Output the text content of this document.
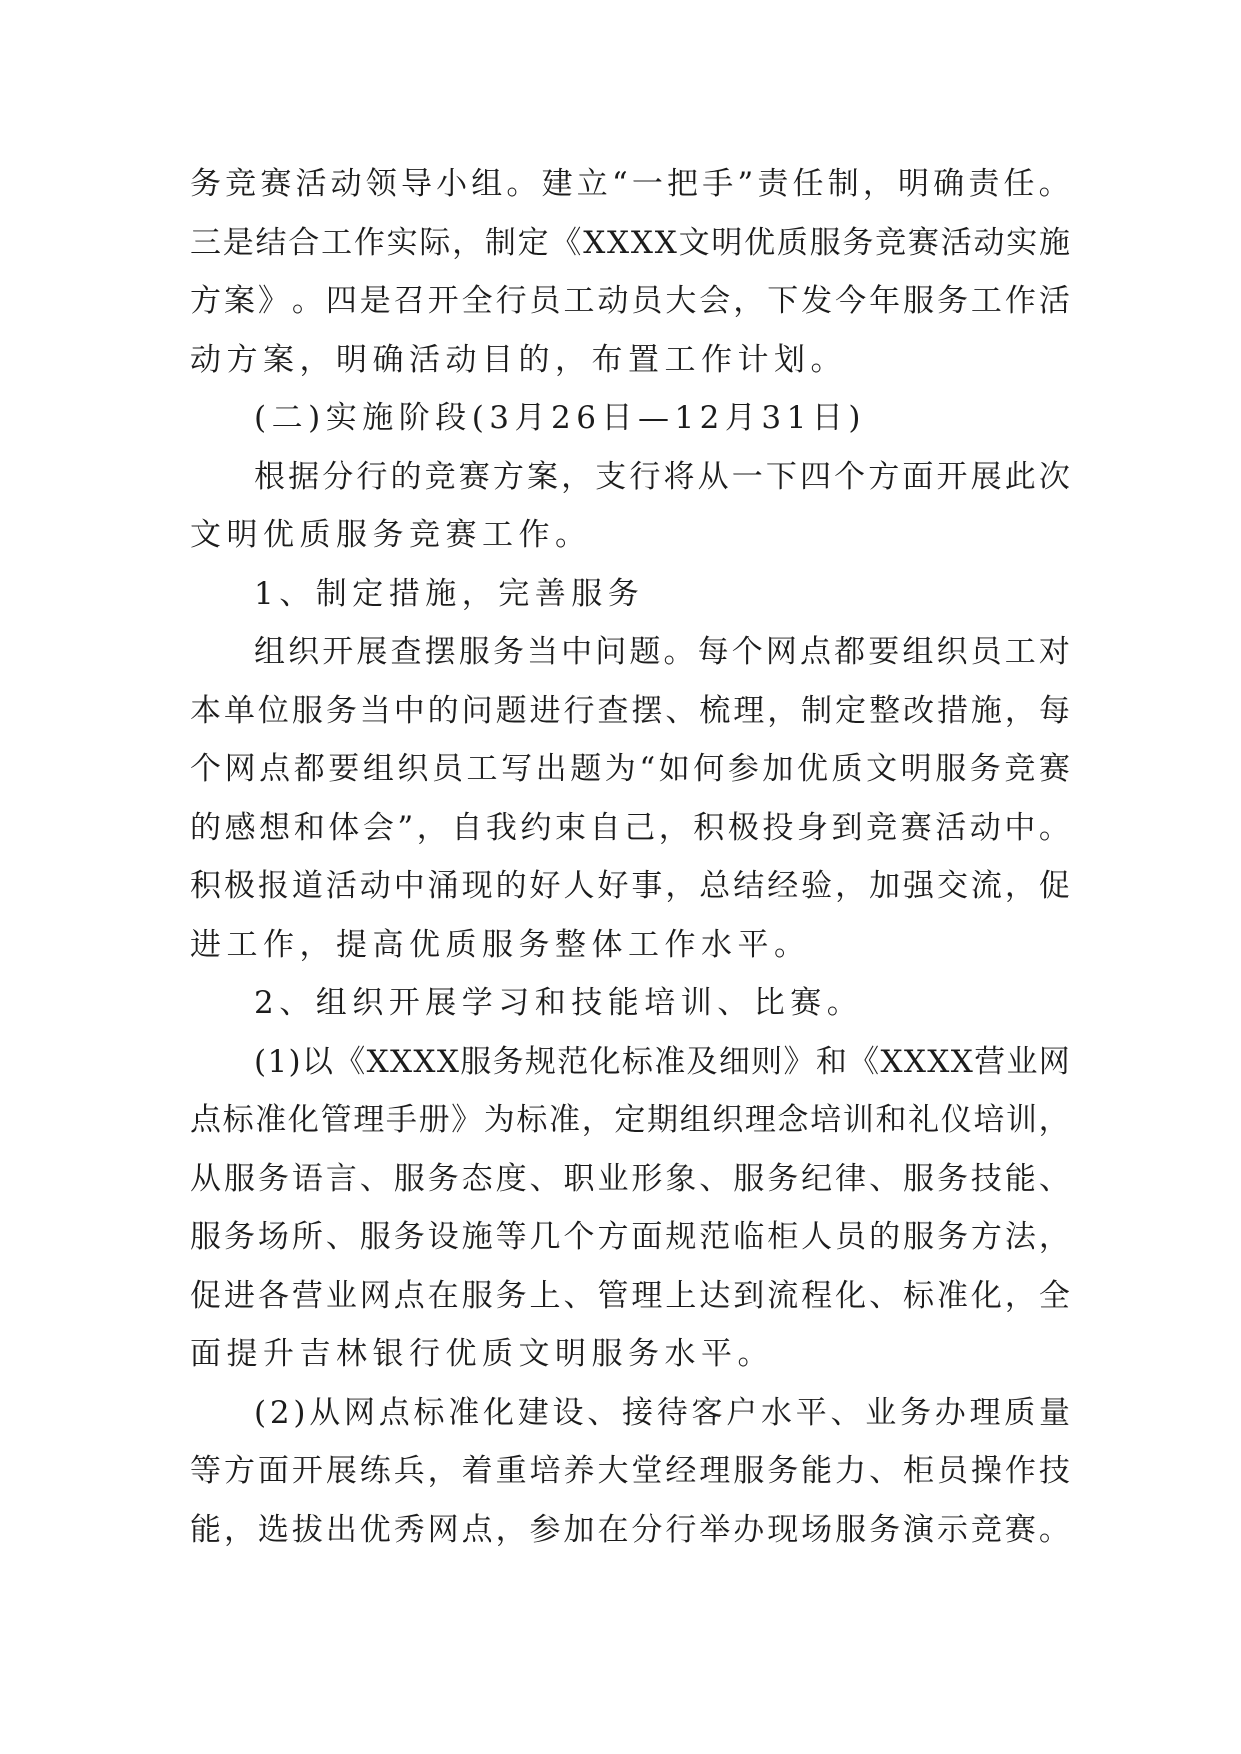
务 竞 赛 活 动 领 导 小 组 。 建 立 “ 一 把 手 ” 责 任 制 ， 明 确 责 任 。
三 是 结 合 工 作 实 际 ， 制 定 《 X X X X 文 明 优 质 服 务 竞 赛 活 动 实 施
方 案 》 。 四 是 召 开 全 行 员 工 动 员 大 会 ， 下 发 今 年 服 务 工 作 活
动方案，明确活动目的，布置工作计划。
(二)实施阶段(3月26日—12月31日)
根 据 分 行 的 竞 赛 方 案 ， 支 行 将 从 一 下 四 个 方 面 开 展 此 次
文明优质服务竞赛工作。
1、制定措施，完善服务
组 织 开 展 查 摆 服 务 当 中 问 题 。 每 个 网 点 都 要 组 织 员 工 对
本 单 位 服 务 当 中 的 问 题 进 行 查 摆 、 梳 理 ， 制 定 整 改 措 施 ， 每
个 网 点 都 要 组 织 员 工 写 出 题 为 “ 如 何 参 加 优 质 文 明 服 务 竞 赛
的 感 想 和 体 会 ” ， 自 我 约 束 自 己 ， 积 极 投 身 到 竞 赛 活 动 中 。
积 极 报 道 活 动 中 涌 现 的 好 人 好 事 ， 总 结 经 验 ， 加 强 交 流 ， 促
进工作，提高优质服务整体工作水平。
2、组织开展学习和技能培训、比赛。
( 1 ) 以 《 X X X X 服 务 规 范 化 标 准 及 细 则 》 和 《 X X X X 营 业 网
点 标 准 化 管 理 手 册 》 为 标 准 ， 定 期 组 织 理 念 培 训 和 礼 仪 培 训 ，
从 服 务 语 言 、 服 务 态 度 、 职 业 形 象 、 服 务 纪 律 、 服 务 技 能 、
服 务 场 所 、 服 务 设 施 等 几 个 方 面 规 范 临 柜 人 员 的 服 务 方 法 ，
促 进 各 营 业 网 点 在 服 务 上 、 管 理 上 达 到 流 程 化 、 标 准 化 ， 全
面提升吉林银行优质文明服务水平。
( 2 ) 从 网 点 标 准 化 建 设 、 接 待 客 户 水 平 、 业 务 办 理 质 量
等 方 面 开 展 练 兵 ， 着 重 培 养 大 堂 经 理 服 务 能 力 、 柜 员 操 作 技
能 ， 选 拔 出 优 秀 网 点 ， 参 加 在 分 行 举 办 现 场 服 务 演 示 竞 赛 。
